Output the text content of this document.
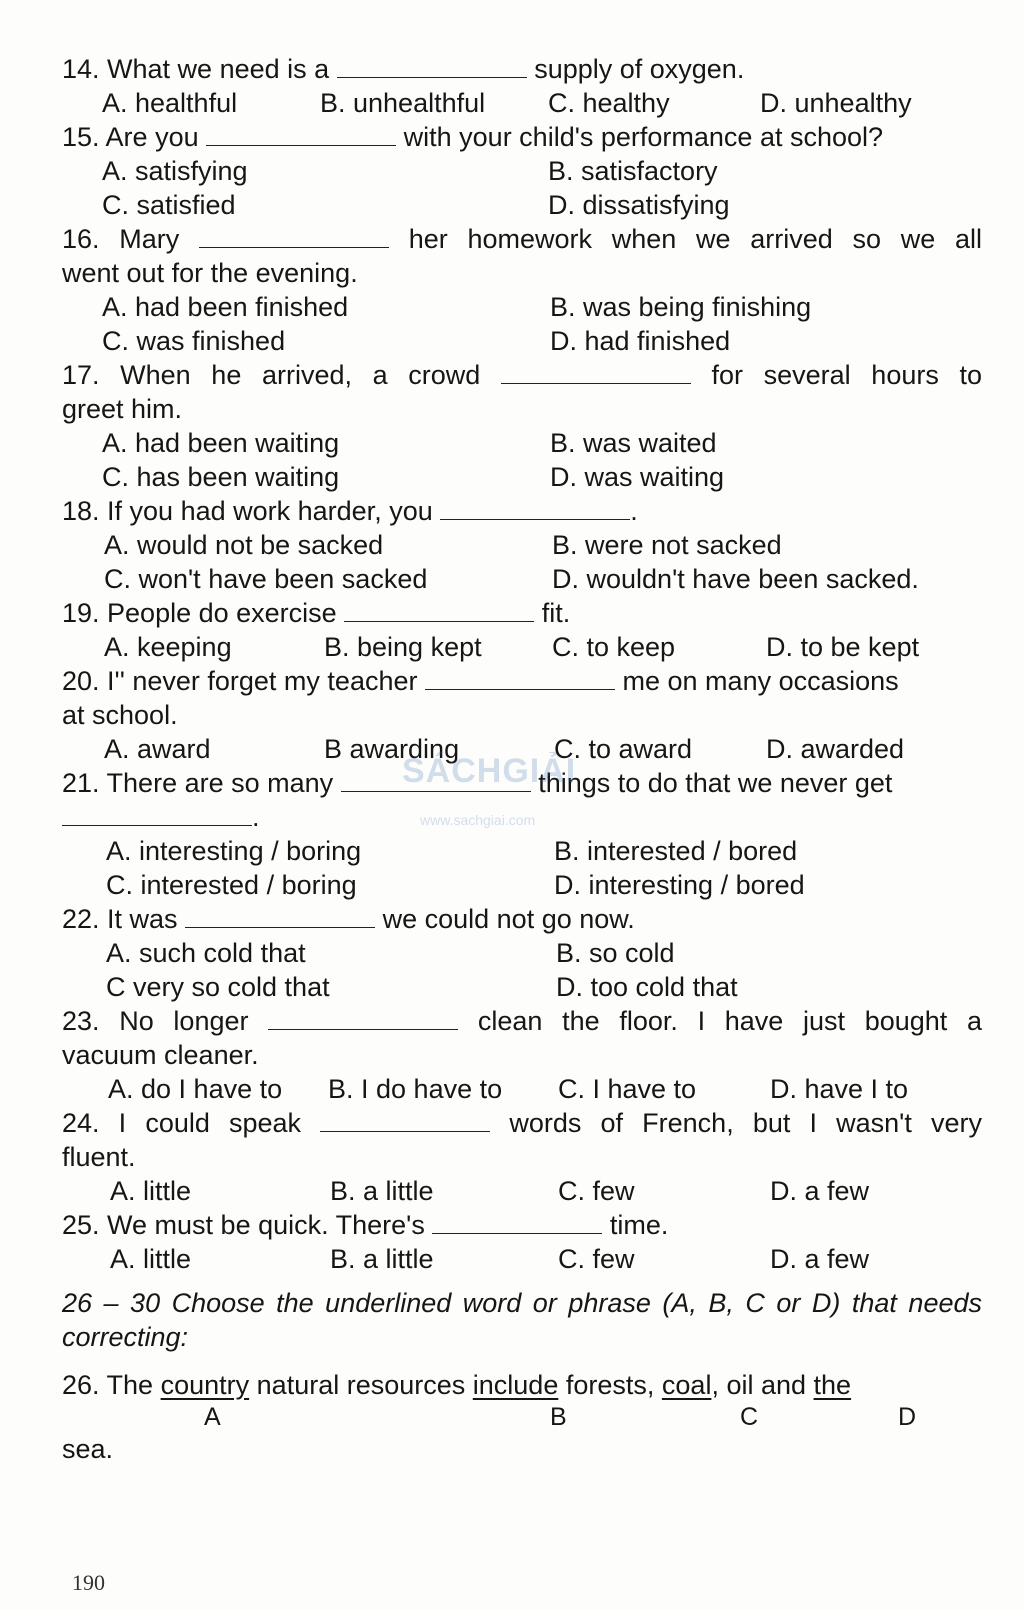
14. What we need is a	supply of oxygen.
A. healthful	B. unhealthful C. healthy	D. unhealthy
15. Are you	with your child's performance at school?
A. satisfying	B. satisfactory
C. satisfied	D. dissatisfying
16. Mary	her homework when we arrived so we all
went out for the evening.
A. had been finished	B. was being finishing
C. was finished	D. had finished
17. When he arrived, a crowd	for several hours to
greet him.
A. had been waiting	B. was waited
C. has been waiting	D. was waiting
18. If you had work harder, you	.
A. would not be sacked	B. were not sacked
C. won't have been sacked	D. wouldn't have been sacked.
19. People do exercise	fit.
A. keeping	B. being kept	C. to keep	D. to be kept
20. I'' never forget my teacher	me on many occasions
at school.
A. award	B awarding	C. to award	D. awarded
21. There are so many	things to do that we never get
.
A. interesting / boring	B. interested / bored
C. interested / boring	D. interesting / bored
22. It was	we could not go now.
A. such cold that	B. so cold
C very so cold that	D. too cold that
23. No longer	clean the floor. I have just bought a
vacuum cleaner.
A. do I have to B. I do have to C. I have to	D. have I to
24. I could speak	words of French, but I wasn't very
fluent.
A. little	B. a little	C. few	D. a few
25. We must be quick. There's	time.
A. little	B. a little	C. few	D. a few
26 – 30 Choose the underlined word or phrase (A, B, C or D) that needs correcting:
26. The country natural resources include forests, coal, oil and the
A	B	C	D
sea.
SÁCHGIẢI
www.sachgiai.com
190
